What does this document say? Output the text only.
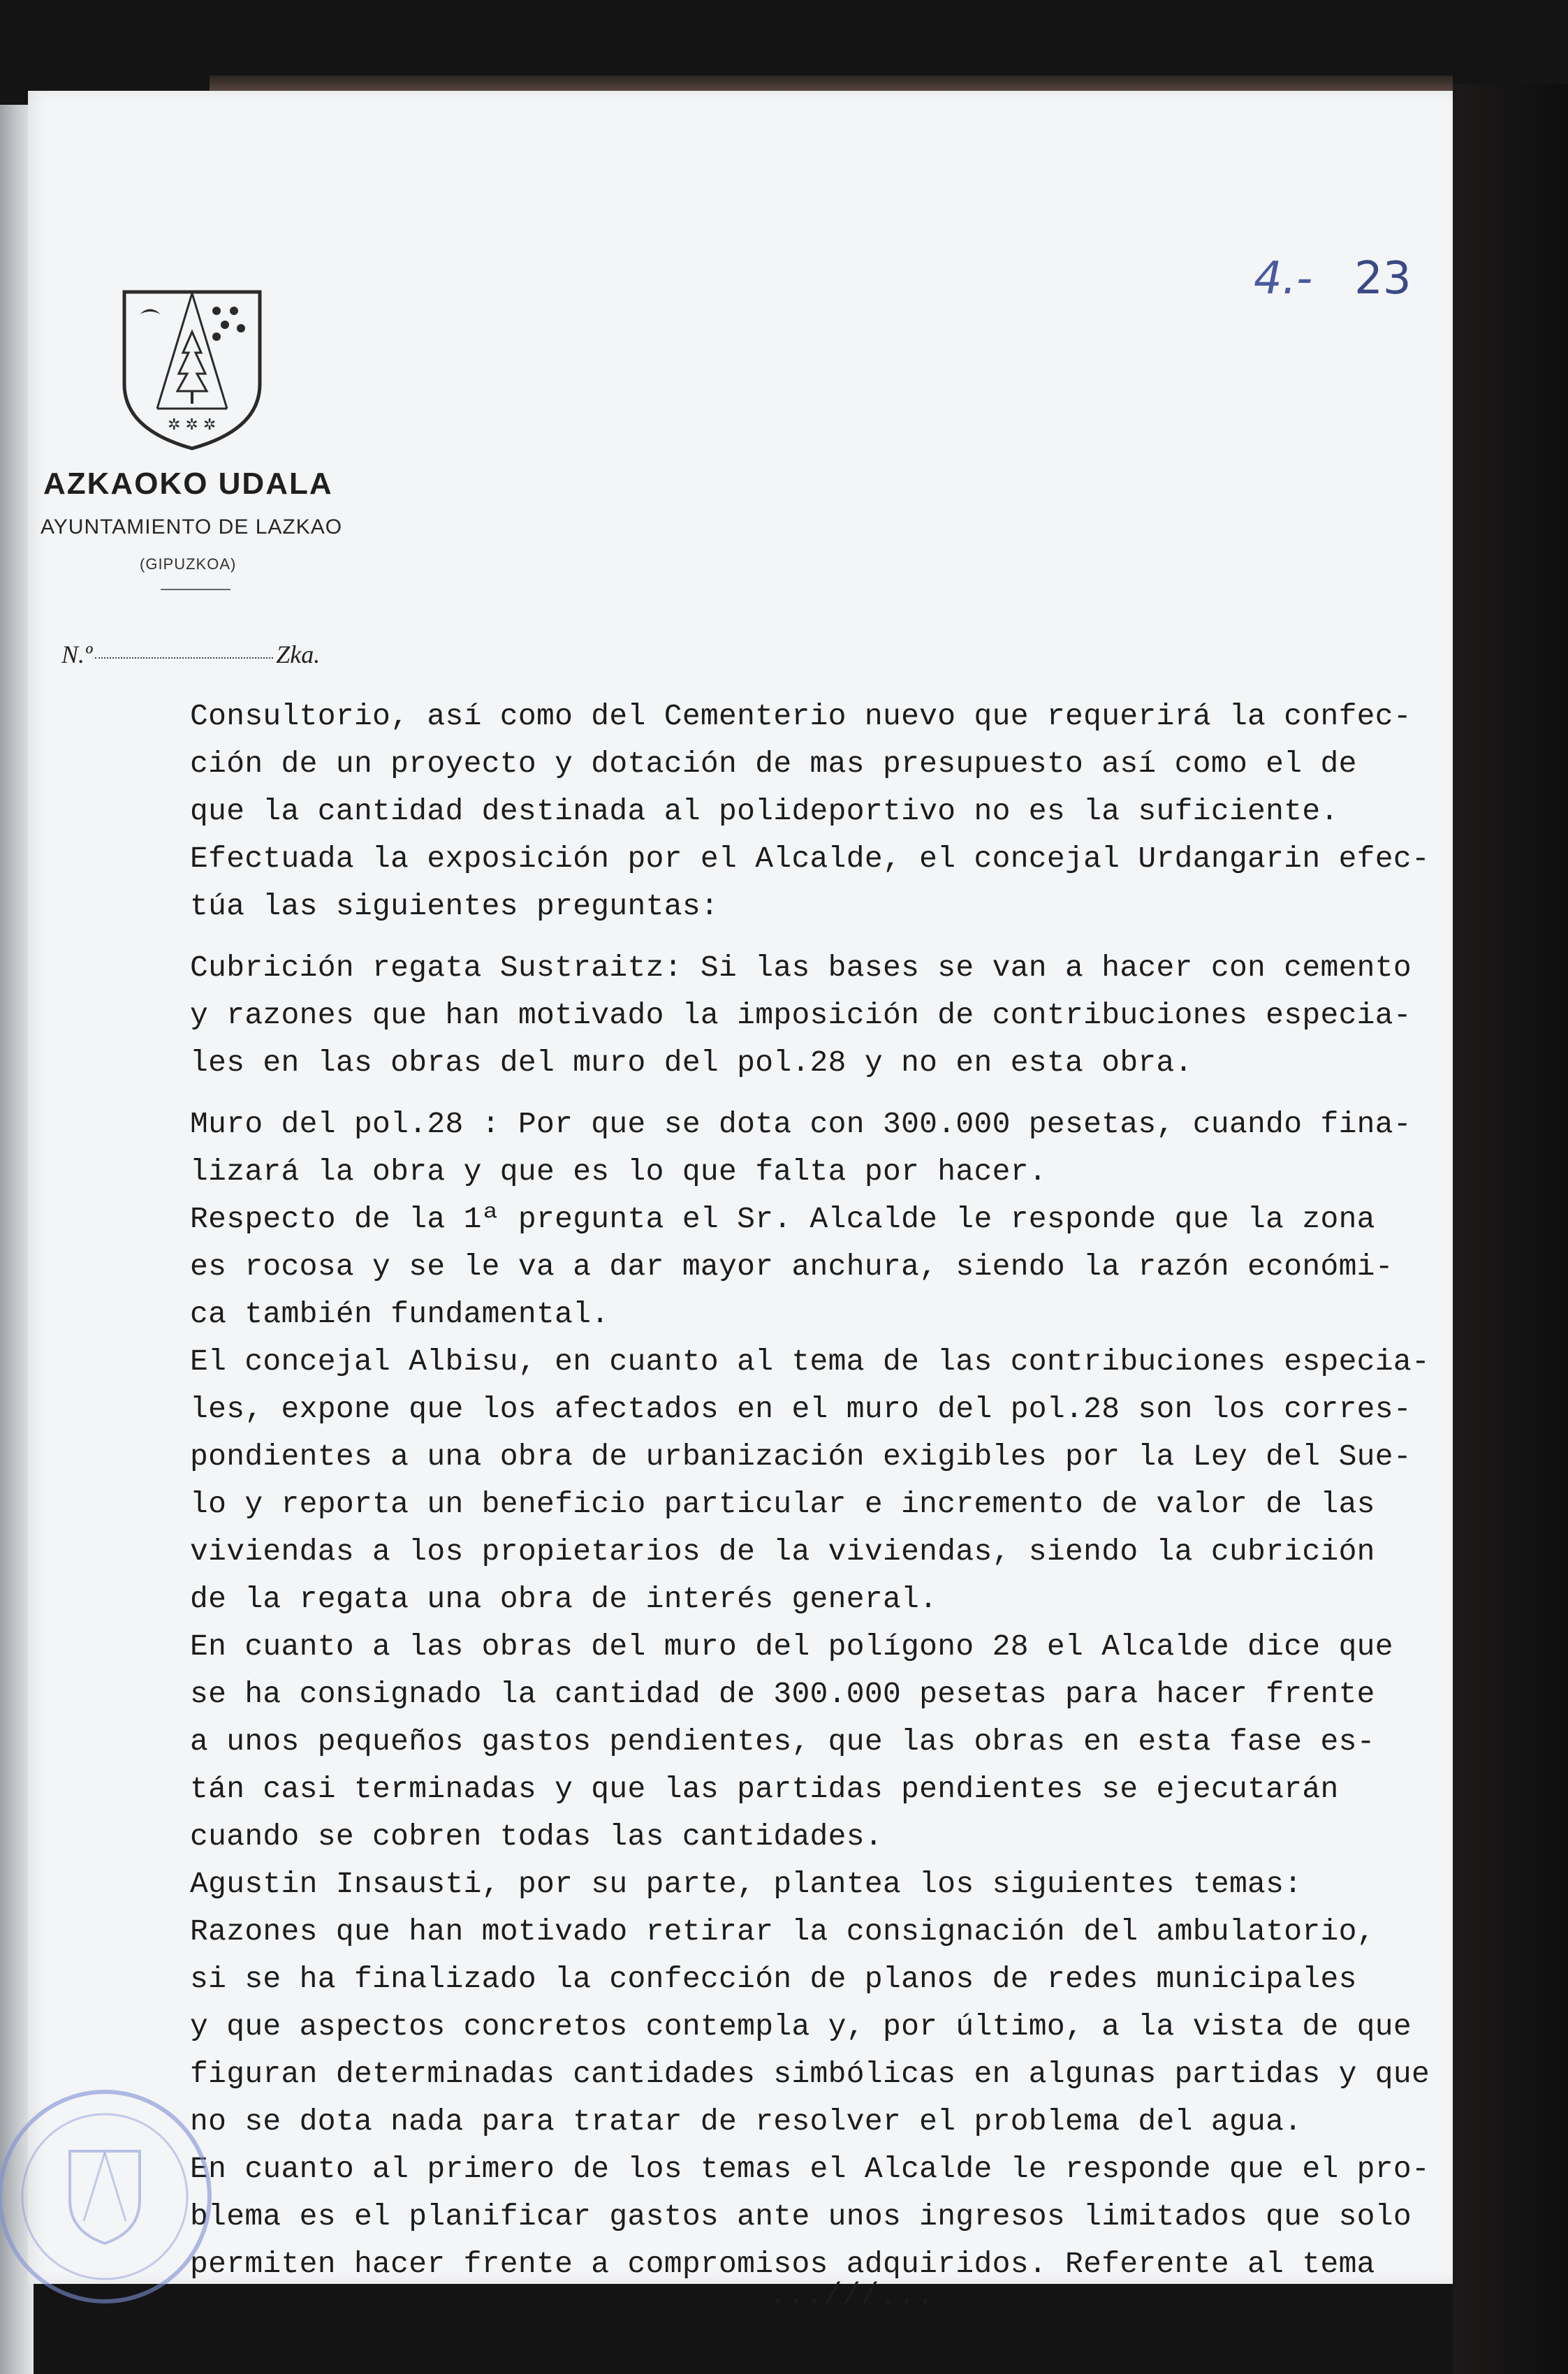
4.- 23
✲ ✲ ✲
AZKAOKO UDALA
AYUNTAMIENTO DE LAZKAO
(GIPUZKOA)
N.º	Zka.
Consultorio, así como del Cementerio nuevo que requerirá la confec-
ción de un proyecto y dotación de mas presupuesto así como el de
que la cantidad destinada al polideportivo no es la suficiente.
Efectuada la exposición por el Alcalde, el concejal Urdangarin efec-
túa las siguientes preguntas:
Cubrición regata Sustraitz: Si las bases se van a hacer con cemento
y razones que han motivado la imposición de contribuciones especia-
les en las obras del muro del pol.28 y no en esta obra.
Muro del pol.28 : Por que se dota con 300.000 pesetas, cuando fina-
lizará la obra y que es lo que falta por hacer.
Respecto de la 1ª pregunta el Sr. Alcalde le responde que la zona
es rocosa y se le va a dar mayor anchura, siendo la razón económi-
ca también fundamental.
El concejal Albisu, en cuanto al tema de las contribuciones especia-
les, expone que los afectados en el muro del pol.28 son los corres-
pondientes a una obra de urbanización exigibles por la Ley del Sue-
lo y reporta un beneficio particular e incremento de valor de las
viviendas a los propietarios de la viviendas, siendo la cubrición
de la regata una obra de interés general.
En cuanto a las obras del muro del polígono 28 el Alcalde dice que
se ha consignado la cantidad de 300.000 pesetas para hacer frente
a unos pequeños gastos pendientes, que las obras en esta fase es-
tán casi terminadas y que las partidas pendientes se ejecutarán
cuando se cobren todas las cantidades.
Agustin Insausti, por su parte, plantea los siguientes temas:
Razones que han motivado retirar la consignación del ambulatorio,
si se ha finalizado la confección de planos de redes municipales
y que aspectos concretos contempla y, por último, a la vista de que
figuran determinadas cantidades simbólicas en algunas partidas y que
no se dota nada para tratar de resolver el problema del agua.
En cuanto al primero de los temas el Alcalde le responde que el pro-
blema es el planificar gastos ante unos ingresos limitados que solo
permiten hacer frente a compromisos adquiridos. Referente al tema
...///...
